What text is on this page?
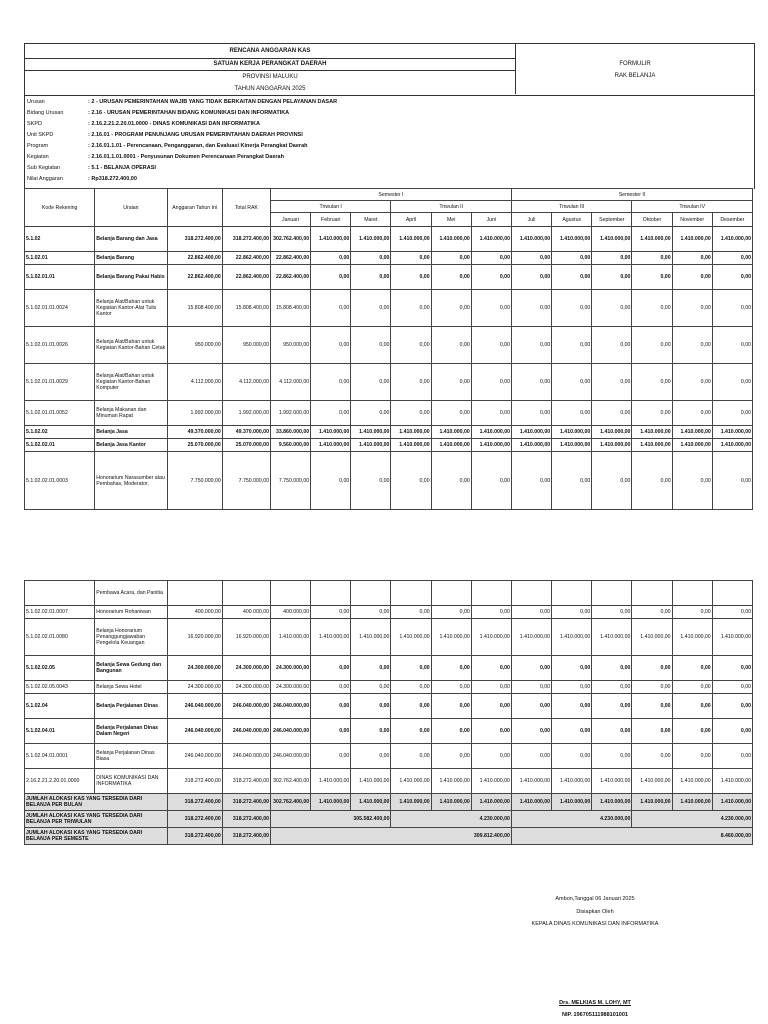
RENCANA ANGGARAN KAS
SATUAN KERJA PERANGKAT DAERAH
PROVINSI MALUKU
TAHUN ANGGARAN 2025
FORMULIR
RAK BELANJA
Urusan	: 2 - URUSAN PEMERINTAHAN WAJIB YANG TIDAK BERKAITAN DENGAN PELAYANAN DASAR
Bidang Urusan	: 2.16 - URUSAN PEMERINTAHAN BIDANG KOMUNIKASI DAN INFORMATIKA
SKPD	: 2.16.2.21.2.20.01.0000 - DINAS KOMUNIKASI DAN INFORMATIKA
Unit SKPD	: 2.16.01 - PROGRAM PENUNJANG URUSAN PEMERINTAHAN DAERAH PROVINSI
Program	: 2.16.01.1.01 - Perencanaan, Penganggaran, dan Evaluasi Kinerja Perangkat Daerah
Kegiatan	: 2.16.01.1.01.0001 - Penyusunan Dokumen Perencanaan Perangkat Daerah
Sub Kegiatan	: 5.1 - BELANJA OPERASI
Nilai Anggaran	: Rp318.272.400,00
Kode Rekening	Uraian	Anggaran Tahun Ini	Total RAK	Semester I						Semester II					
				Triwulan I			Triwulan II			Triwulan III			Triwulan IV		
				Januari	Februari	Maret	April	Mei	Juni	Juli	Agustus	September	Oktober	November	Desember
5.1.02	Belanja Barang dan Jasa	318.272.400,00	318.272.400,00	302.762.400,00	1.410.000,00	1.410.000,00	1.410.000,00	1.410.000,00	1.410.000,00	1.410.000,00	1.410.000,00	1.410.000,00	1.410.000,00	1.410.000,00	1.410.000,00
5.1.02.01	Belanja Barang	22.862.400,00	22.862.400,00	22.862.400,00	0,00	0,00	0,00	0,00	0,00	0,00	0,00	0,00	0,00	0,00	0,00
5.1.02.01.01	Belanja Barang Pakai Habis	22.862.400,00	22.862.400,00	22.862.400,00	0,00	0,00	0,00	0,00	0,00	0,00	0,00	0,00	0,00	0,00	0,00
5.1.02.01.01.0024	Belanja Alat/Bahan untuk Kegiatan Kantor-Alat Tulis Kantor	15.808.400,00	15.808.400,00	15.808.400,00	0,00	0,00	0,00	0,00	0,00	0,00	0,00	0,00	0,00	0,00	0,00
5.1.02.01.01.0026	Belanja Alat/Bahan untuk Kegiatan Kantor-Bahan Cetak	950.000,00	950.000,00	950.000,00	0,00	0,00	0,00	0,00	0,00	0,00	0,00	0,00	0,00	0,00	0,00
5.1.02.01.01.0029	Belanja Alat/Bahan untuk Kegiatan Kantor-Bahan Komputer	4.112.000,00	4.112.000,00	4.112.000,00	0,00	0,00	0,00	0,00	0,00	0,00	0,00	0,00	0,00	0,00	0,00
5.1.02.01.01.0052	Belanja Makanan dan Minuman Rapat	1.992.000,00	1.992.000,00	1.992.000,00	0,00	0,00	0,00	0,00	0,00	0,00	0,00	0,00	0,00	0,00	0,00
5.1.02.02	Belanja Jasa	49.370.000,00	49.370.000,00	33.860.000,00	1.410.000,00	1.410.000,00	1.410.000,00	1.410.000,00	1.410.000,00	1.410.000,00	1.410.000,00	1.410.000,00	1.410.000,00	1.410.000,00	1.410.000,00
5.1.02.02.01	Belanja Jasa Kantor	25.070.000,00	25.070.000,00	9.560.000,00	1.410.000,00	1.410.000,00	1.410.000,00	1.410.000,00	1.410.000,00	1.410.000,00	1.410.000,00	1.410.000,00	1.410.000,00	1.410.000,00	1.410.000,00
5.1.02.02.01.0003	Honorarium Narasumber atau Pembahas, Moderator,	7.750.000,00	7.750.000,00	7.750.000,00	0,00	0,00	0,00	0,00	0,00	0,00	0,00	0,00	0,00	0,00	0,00
	Pembawa Acara, dan Panitia														
5.1.02.02.01.0007	Honorarium Rohaniwan	400.000,00	400.000,00	400.000,00	0,00	0,00	0,00	0,00	0,00	0,00	0,00	0,00	0,00	0,00	0,00
5.1.02.02.01.0080	Belanja Honorarium Penanggungjawaban Pengelola Keuangan	16.920.000,00	16.920.000,00	1.410.000,00	1.410.000,00	1.410.000,00	1.410.000,00	1.410.000,00	1.410.000,00	1.410.000,00	1.410.000,00	1.410.000,00	1.410.000,00	1.410.000,00	1.410.000,00
5.1.02.02.05	Belanja Sewa Gedung dan Bangunan	24.300.000,00	24.300.000,00	24.300.000,00	0,00	0,00	0,00	0,00	0,00	0,00	0,00	0,00	0,00	0,00	0,00
5.1.02.02.05.0043	Belanja Sewa Hotel	24.300.000,00	24.300.000,00	24.300.000,00	0,00	0,00	0,00	0,00	0,00	0,00	0,00	0,00	0,00	0,00	0,00
5.1.02.04	Belanja Perjalanan Dinas	246.040.000,00	246.040.000,00	246.040.000,00	0,00	0,00	0,00	0,00	0,00	0,00	0,00	0,00	0,00	0,00	0,00
5.1.02.04.01	Belanja Perjalanan Dinas Dalam Negeri	246.040.000,00	246.040.000,00	246.040.000,00	0,00	0,00	0,00	0,00	0,00	0,00	0,00	0,00	0,00	0,00	0,00
5.1.02.04.01.0001	Belanja Perjalanan Dinas Biasa	246.040.000,00	246.040.000,00	246.040.000,00	0,00	0,00	0,00	0,00	0,00	0,00	0,00	0,00	0,00	0,00	0,00
2.16.2.21.2.20.01.0000	DINAS KOMUNIKASI DAN INFORMATIKA	318.272.400,00	318.272.400,00	302.762.400,00	1.410.000,00	1.410.000,00	1.410.000,00	1.410.000,00	1.410.000,00	1.410.000,00	1.410.000,00	1.410.000,00	1.410.000,00	1.410.000,00	1.410.000,00
JUMLAH ALOKASI KAS YANG TERSEDIA DARI BELANJA PER BULAN		318.272.400,00	318.272.400,00	302.762.400,00	1.410.000,00	1.410.000,00	1.410.000,00	1.410.000,00	1.410.000,00	1.410.000,00	1.410.000,00	1.410.000,00	1.410.000,00	1.410.000,00	1.410.000,00
JUMLAH ALOKASI KAS YANG TERSEDIA DARI BELANJA PER TRIWULAN		318.272.400,00	318.272.400,00	305.582.400,00			4.230.000,00			4.230.000,00			4.230.000,00		
JUMLAH ALOKASI KAS YANG TERSEDIA DARI BELANJA PER SEMESTE		318.272.400,00	318.272.400,00	309.812.400,00						8.460.000,00					
Ambon,Tanggal 06 Januari 2025
Disiapkan Oleh
KEPALA DINAS KOMUNIKASI DAN INFORMATIKA
Drs. MELKIAS M. LOHY, MT
NIP. 196705111988101001
